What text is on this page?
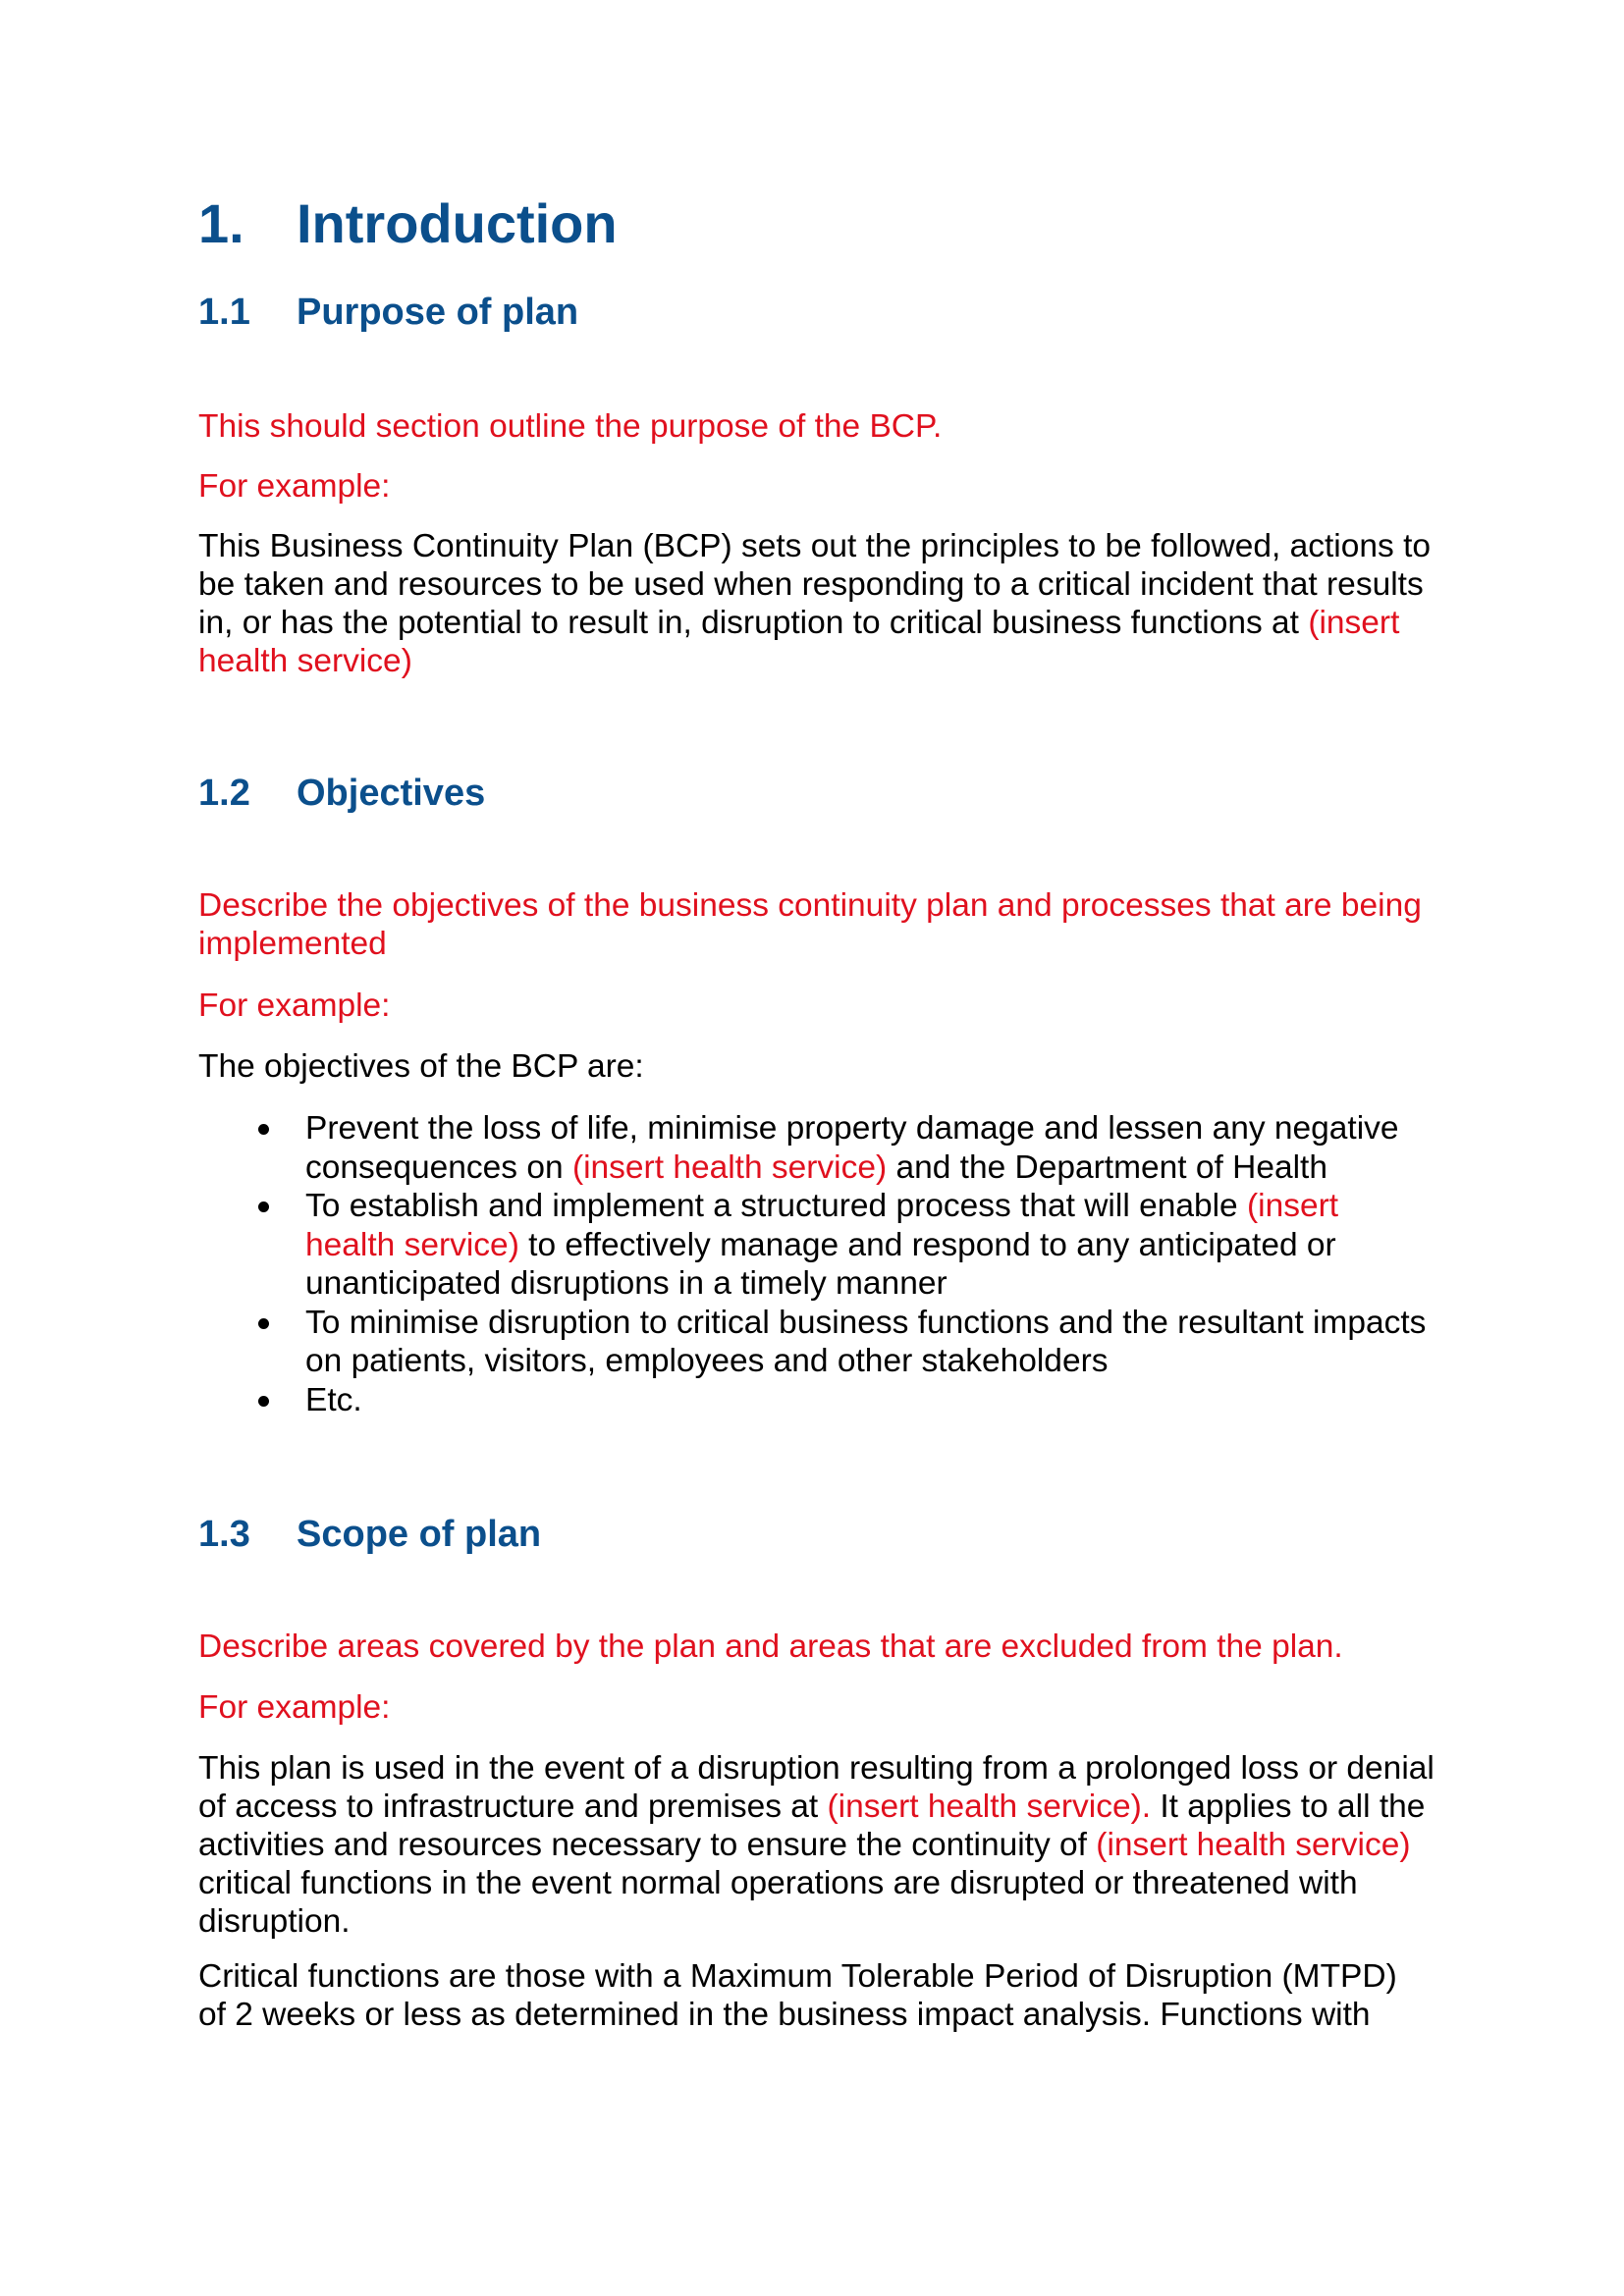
1. Introduction
1.1 Purpose of plan
This should section outline the purpose of the BCP.
For example:
This Business Continuity Plan (BCP) sets out the principles to be followed, actions to
be taken and resources to be used when responding to a critical incident that results
in, or has the potential to result in, disruption to critical business functions at (insert
health service)
1.2 Objectives
Describe the objectives of the business continuity plan and processes that are being
implemented
For example:
The objectives of the BCP are:
Prevent the loss of life, minimise property damage and lessen any negative
consequences on (insert health service) and the Department of Health
To establish and implement a structured process that will enable (insert
health service) to effectively manage and respond to any anticipated or
unanticipated disruptions in a timely manner
To minimise disruption to critical business functions and the resultant impacts
on patients, visitors, employees and other stakeholders
Etc.
1.3 Scope of plan
Describe areas covered by the plan and areas that are excluded from the plan.
For example:
This plan is used in the event of a disruption resulting from a prolonged loss or denial
of access to infrastructure and premises at (insert health service). It applies to all the
activities and resources necessary to ensure the continuity of (insert health service)
critical functions in the event normal operations are disrupted or threatened with
disruption.
Critical functions are those with a Maximum Tolerable Period of Disruption (MTPD)
of 2 weeks or less as determined in the business impact analysis. Functions with
